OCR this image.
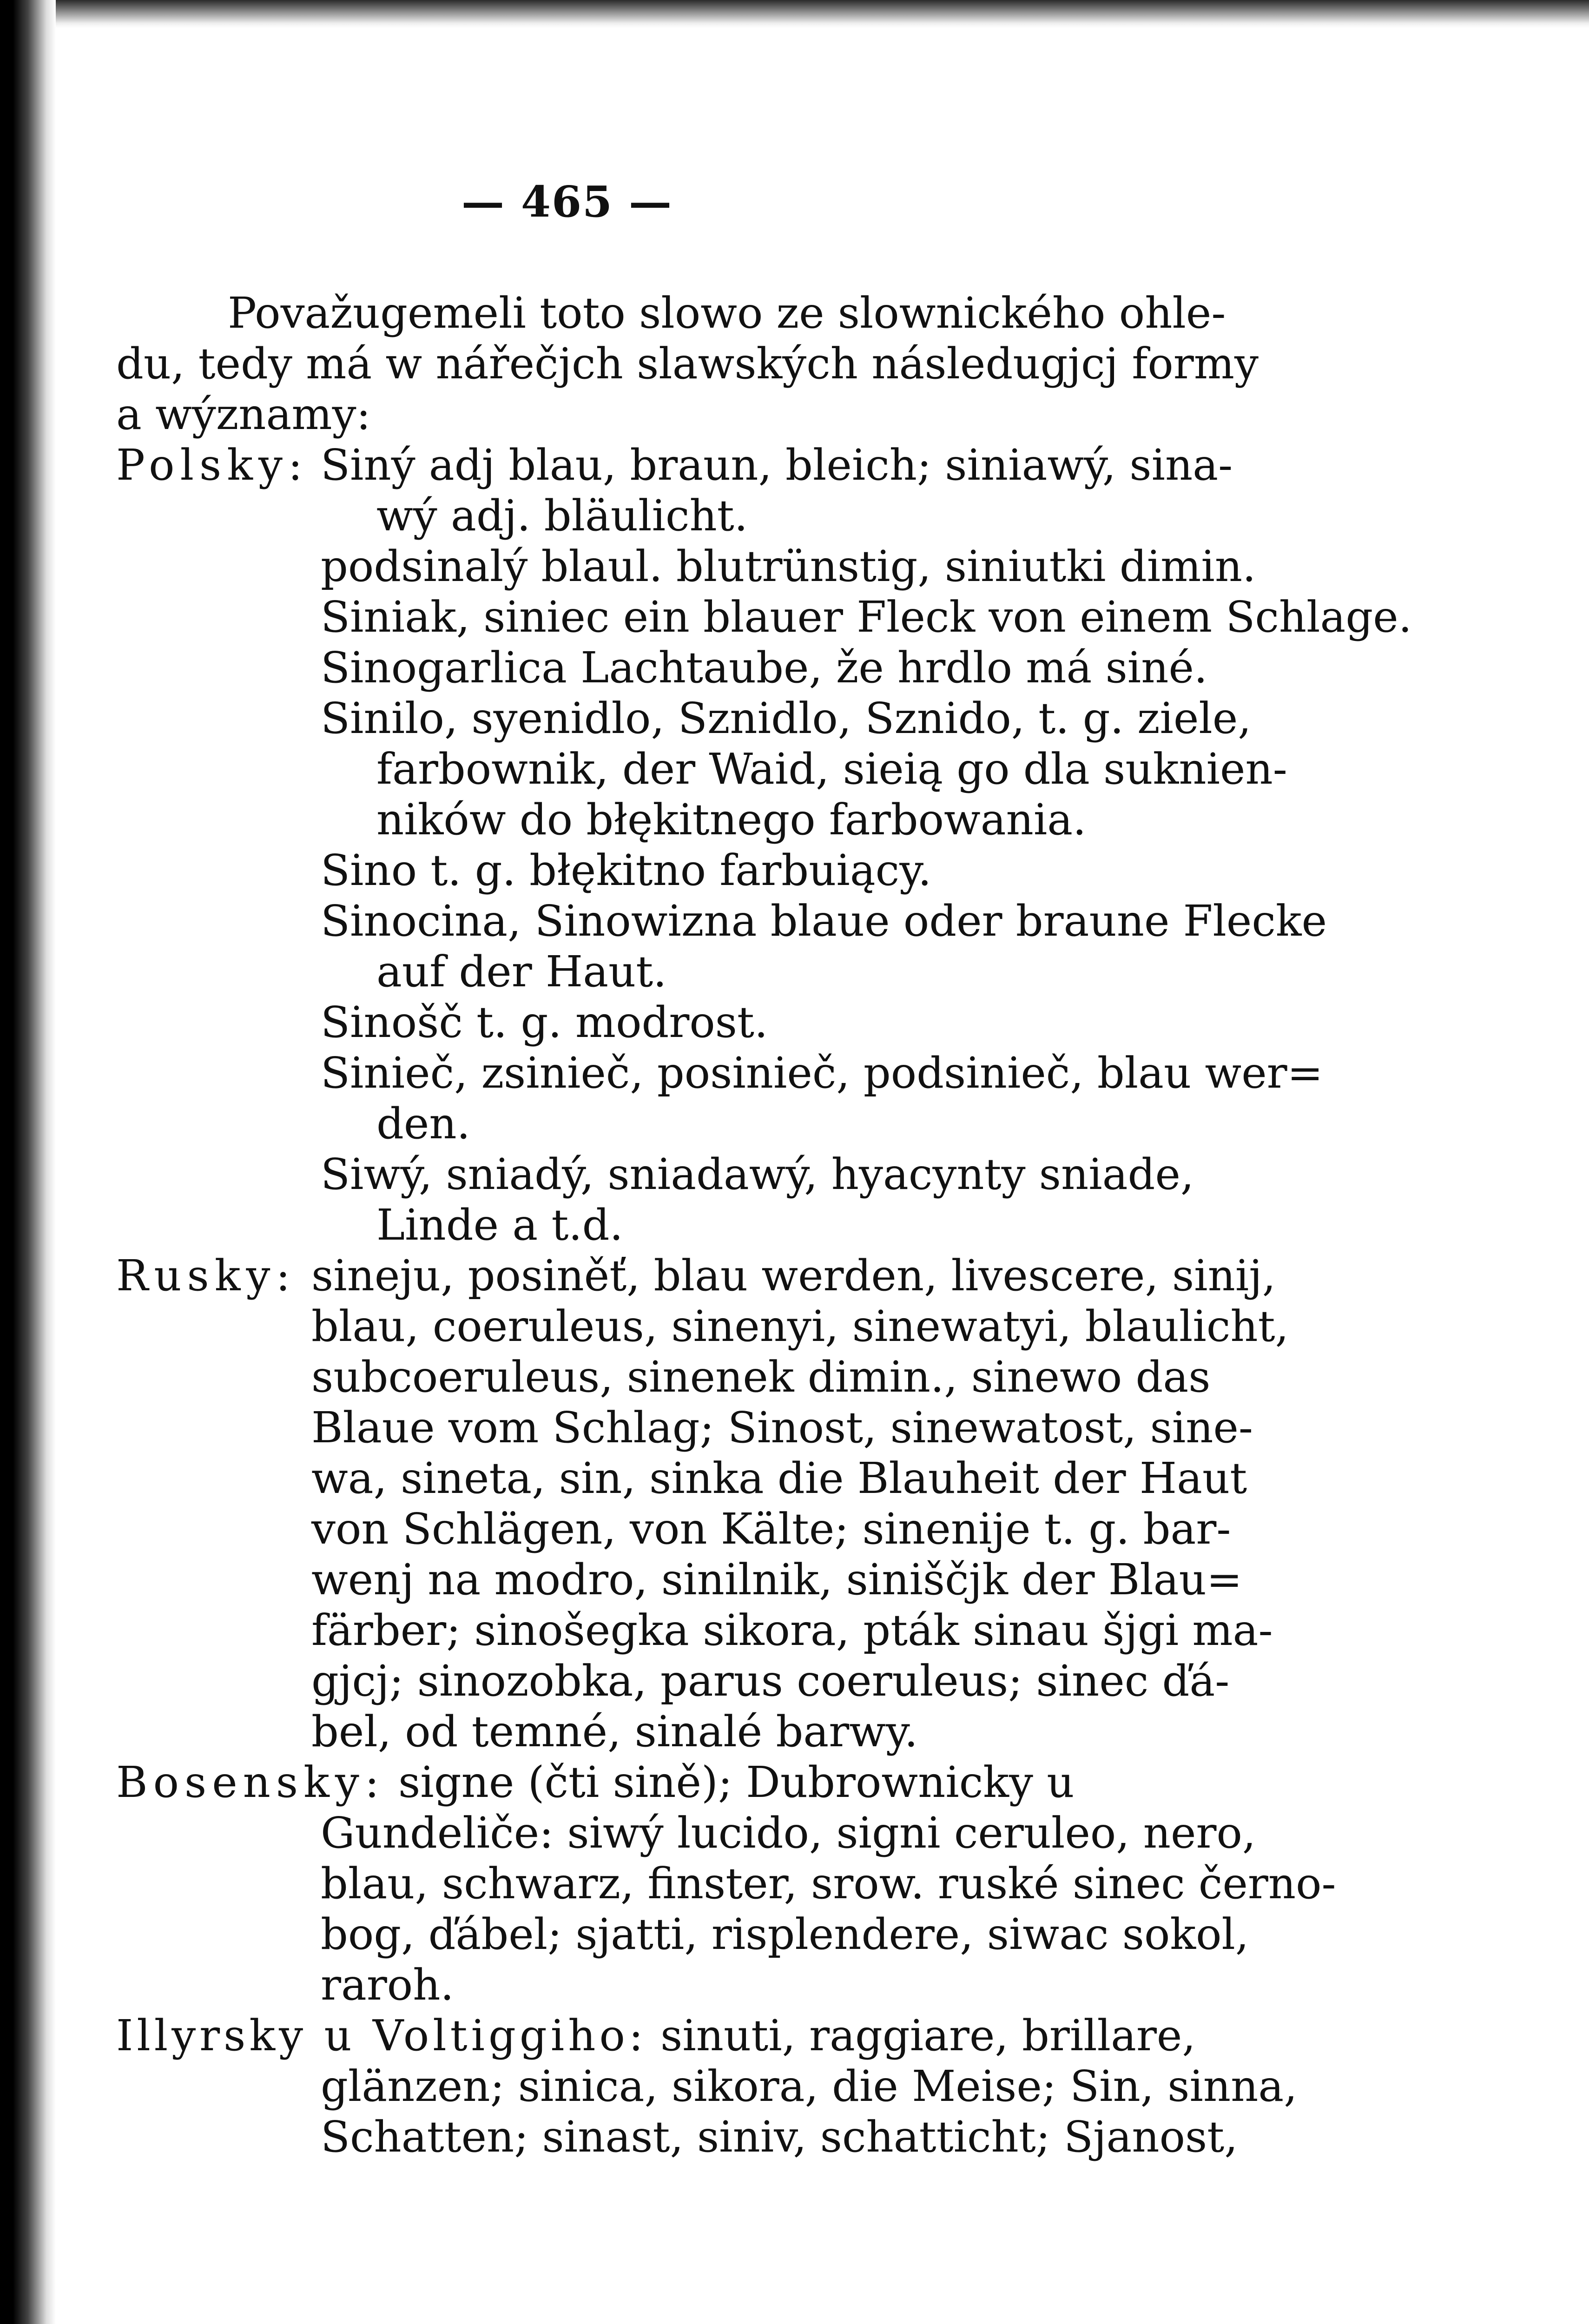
— 465 —
Považugemeli toto slowo ze slownického ohle-
du, tedy má w nářečjch slawských následugjcj formy
a wýznamy:
Polsky: Siný adj blau, braun, bleich; siniawý, sina-
wý adj. bläulicht.
podsinalý blaul. blutrünstig, siniutki dimin.
Siniak, siniec ein blauer Fleck von einem Schlage.
Sinogarlica Lachtaube, že hrdlo má siné.
Sinilo, syenidlo, Sznidlo, Sznido, t. g. ziele,
farbownik, der Waid, sieią go dla suknien-
ników do błękitnego farbowania.
Sino t. g. błękitno farbuiący.
Sinocina, Sinowizna blaue oder braune Flecke
auf der Haut.
Sinošč t. g. modrost.
Sinieč, zsinieč, posinieč, podsinieč, blau wer=
den.
Siwý, sniadý, sniadawý, hyacynty sniade,
Linde a t.d.
Rusky: sineju, posiněť, blau werden, livescere, sinij,
blau, coeruleus, sinenyi, sinewatyi, blaulicht,
subcoeruleus, sinenek dimin., sinewo das
Blaue vom Schlag; Sinost, sinewatost, sine-
wa, sineta, sin, sinka die Blauheit der Haut
von Schlägen, von Kälte; sinenije t. g. bar-
wenj na modro, sinilnik, siniščjk der Blau=
färber; sinošegka sikora, pták sinau šjgi ma-
gjcj; sinozobka, parus coeruleus; sinec ďá-
bel, od temné, sinalé barwy.
Bosensky: signe (čti sině); Dubrownicky u
Gundeliče: siwý lucido, signi ceruleo, nero,
blau, schwarz, finster, srow. ruské sinec černo-
bog, ďábel; sjatti, risplendere, siwac sokol,
raroh.
Illyrsky u Voltiggiho: sinuti, raggiare, brillare,
glänzen; sinica, sikora, die Meise; Sin, sinna,
Schatten; sinast, siniv, schatticht; Sjanost,
